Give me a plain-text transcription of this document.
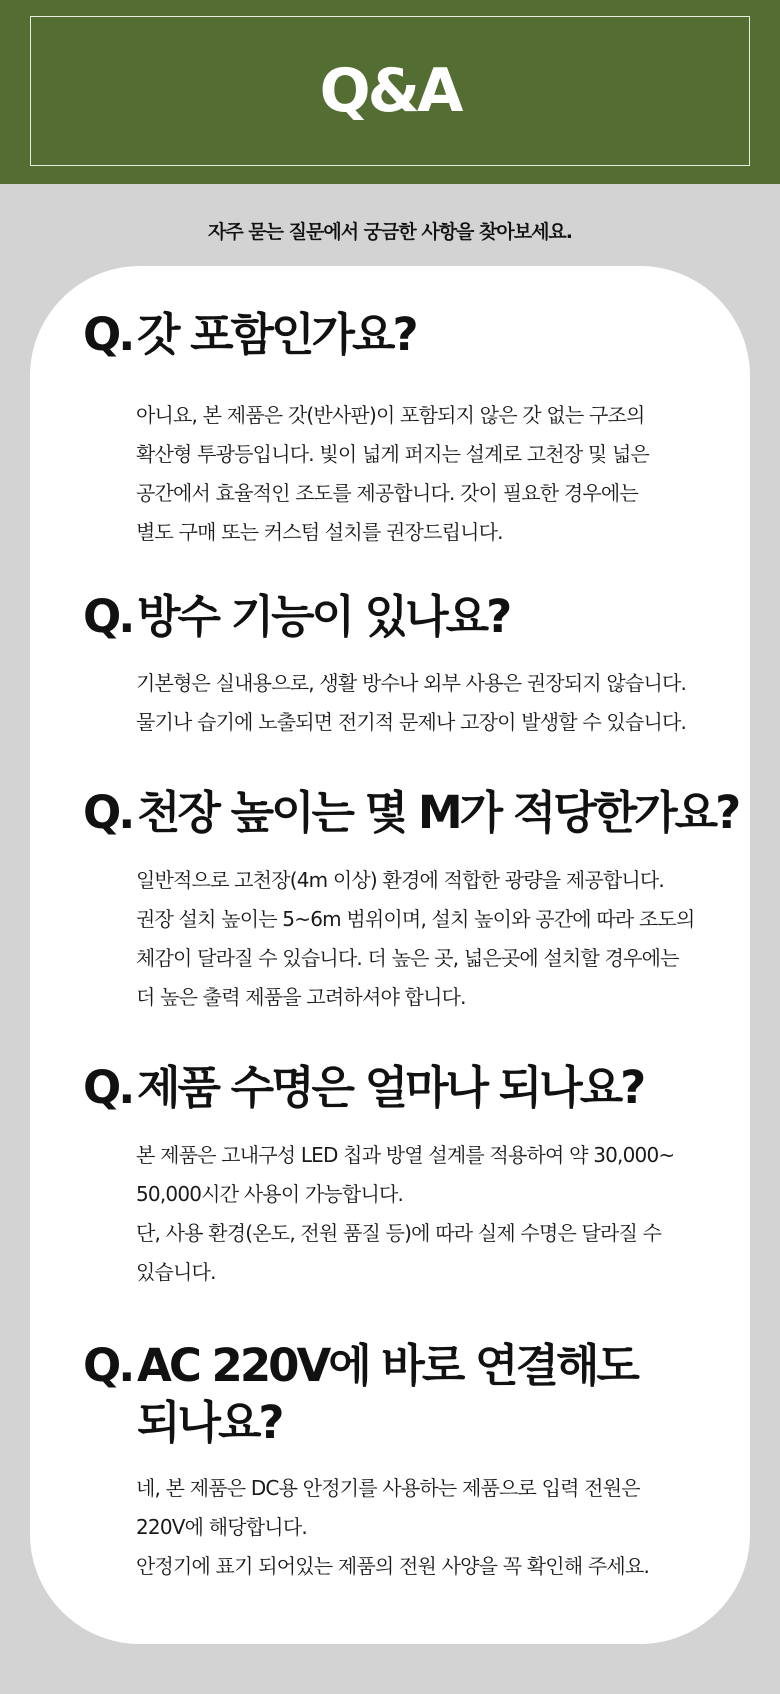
Q&A
자주 묻는 질문에서 궁금한 사항을 찾아보세요.
Q. 갓 포함인가요?
아니요, 본 제품은 갓(반사판)이 포함되지 않은 갓 없는 구조의
확산형 투광등입니다. 빛이 넓게 퍼지는 설계로 고천장 및 넓은
공간에서 효율적인 조도를 제공합니다. 갓이 필요한 경우에는
별도 구매 또는 커스텀 설치를 권장드립니다.
Q. 방수 기능이 있나요?
기본형은 실내용으로, 생활 방수나 외부 사용은 권장되지 않습니다.
물기나 습기에 노출되면 전기적 문제나 고장이 발생할 수 있습니다.
Q. 천장 높이는 몇 M가 적당한가요?
일반적으로 고천장(4m 이상) 환경에 적합한 광량을 제공합니다.
권장 설치 높이는 5~6m 범위이며, 설치 높이와 공간에 따라 조도의
체감이 달라질 수 있습니다. 더 높은 곳, 넓은곳에 설치할 경우에는
더 높은 출력 제품을 고려하셔야 합니다.
Q. 제품 수명은 얼마나 되나요?
본 제품은 고내구성 LED 칩과 방열 설계를 적용하여 약 30,000~
50,000시간 사용이 가능합니다.
단, 사용 환경(온도, 전원 품질 등)에 따라 실제 수명은 달라질 수
있습니다.
Q. AC 220V에 바로 연결해도
되나요?
네, 본 제품은 DC용 안정기를 사용하는 제품으로 입력 전원은
220V에 해당합니다.
안정기에 표기 되어있는 제품의 전원 사양을 꼭 확인해 주세요.
